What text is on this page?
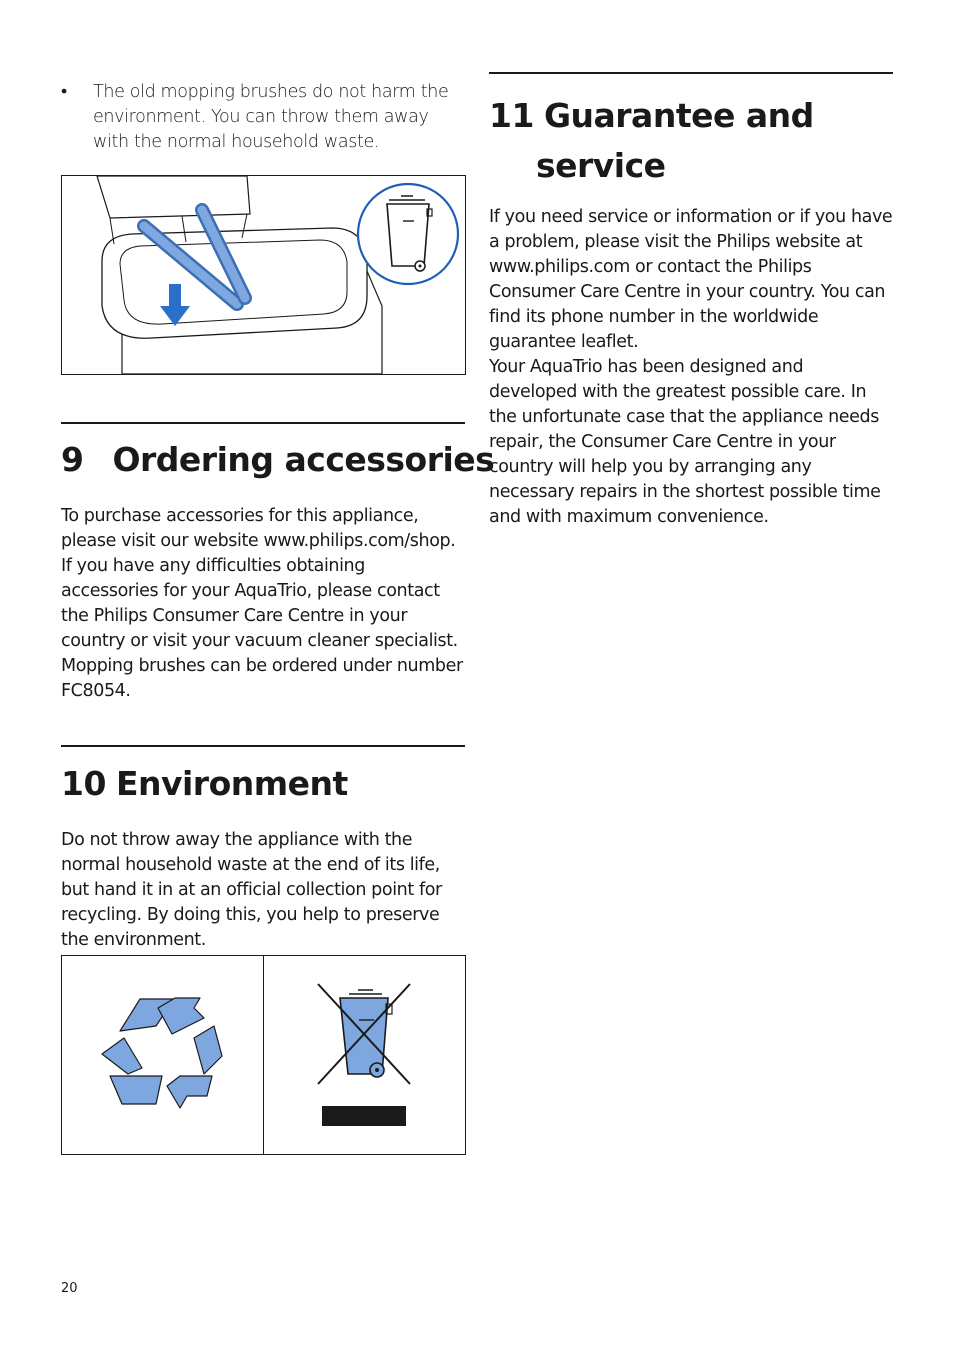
• The old mopping brushes do not harm the environment. You can throw them away with the normal household waste.
9 Ordering accessories

To purchase accessories for this appliance, please visit our website www.philips.com/shop.

If you have any difficulties obtaining accessories for your AquaTrio, please contact the Philips Consumer Care Centre in your country or visit your vacuum cleaner specialist.

Mopping brushes can be ordered under number FC8054.

10 Environment

Do not throw away the appliance with the normal household waste at the end of its life, but hand it in at an official collection point for recycling. By doing this, you help to preserve the environment.

11 Guarantee and
service

If you need service or information or if you have a problem, please visit the Philips website at www.philips.com or contact the Philips Consumer Care Centre in your country. You can find its phone number in the worldwide guarantee leaflet.

Your AquaTrio has been designed and developed with the greatest possible care. In the unfortunate case that the appliance needs repair, the Consumer Care Centre in your country will help you by arranging any necessary repairs in the shortest possible time and with maximum convenience.

20
